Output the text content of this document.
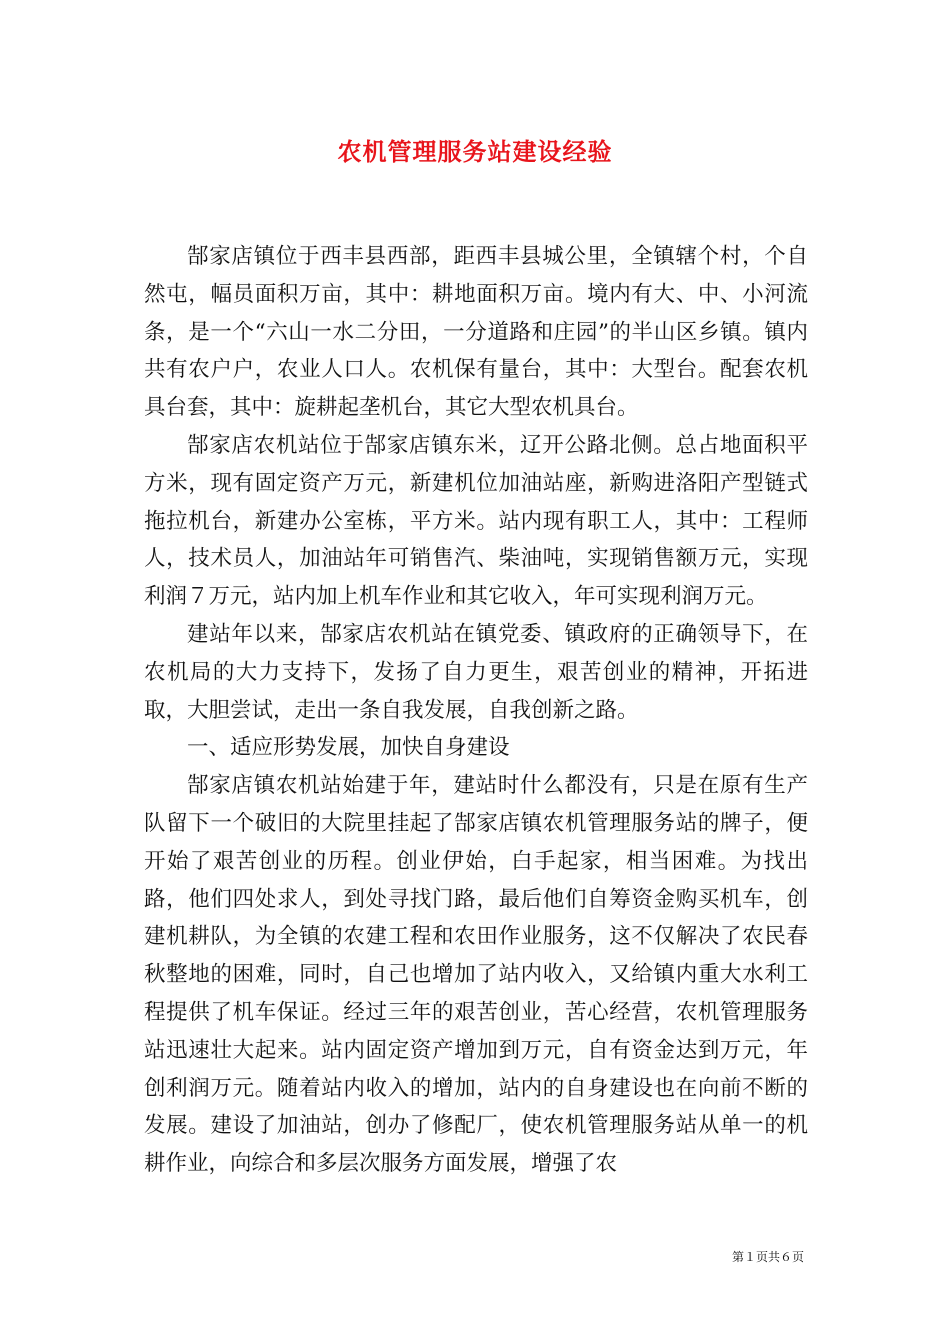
农机管理服务站建设经验

郜家店镇位于西丰县西部，距西丰县城公里，全镇辖个村，个自然屯，幅员面积万亩，其中：耕地面积万亩。境内有大、中、小河流条，是一个“六山一水二分田，一分道路和庄园”的半山区乡镇。镇内共有农户户，农业人口人。农机保有量台，其中：大型台。配套农机具台套，其中：旋耕起垄机台，其它大型农机具台。

郜家店农机站位于郜家店镇东米，辽开公路北侧。总占地面积平方米，现有固定资产万元，新建机位加油站座，新购进洛阳产型链式拖拉机台，新建办公室栋，平方米。站内现有职工人，其中：工程师人，技术员人，加油站年可销售汽、柴油吨，实现销售额万元，实现利润７万元，站内加上机车作业和其它收入，年可实现利润万元。

建站年以来，郜家店农机站在镇党委、镇政府的正确领导下，在农机局的大力支持下，发扬了自力更生，艰苦创业的精神，开拓进取，大胆尝试，走出一条自我发展，自我创新之路。

一、适应形势发展，加快自身建设

郜家店镇农机站始建于年，建站时什么都没有，只是在原有生产队留下一个破旧的大院里挂起了郜家店镇农机管理服务站的牌子，便开始了艰苦创业的历程。创业伊始，白手起家，相当困难。为找出路，他们四处求人，到处寻找门路，最后他们自筹资金购买机车，创建机耕队，为全镇的农建工程和农田作业服务，这不仅解决了农民春秋整地的困难，同时，自己也增加了站内收入，又给镇内重大水利工程提供了机车保证。经过三年的艰苦创业，苦心经营，农机管理服务站迅速壮大起来。站内固定资产增加到万元，自有资金达到万元，年创利润万元。随着站内收入的增加，站内的自身建设也在向前不断的发展。建设了加油站，创办了修配厂，使农机管理服务站从单一的机耕作业，向综合和多层次服务方面发展，增强了农

第１页共６页
